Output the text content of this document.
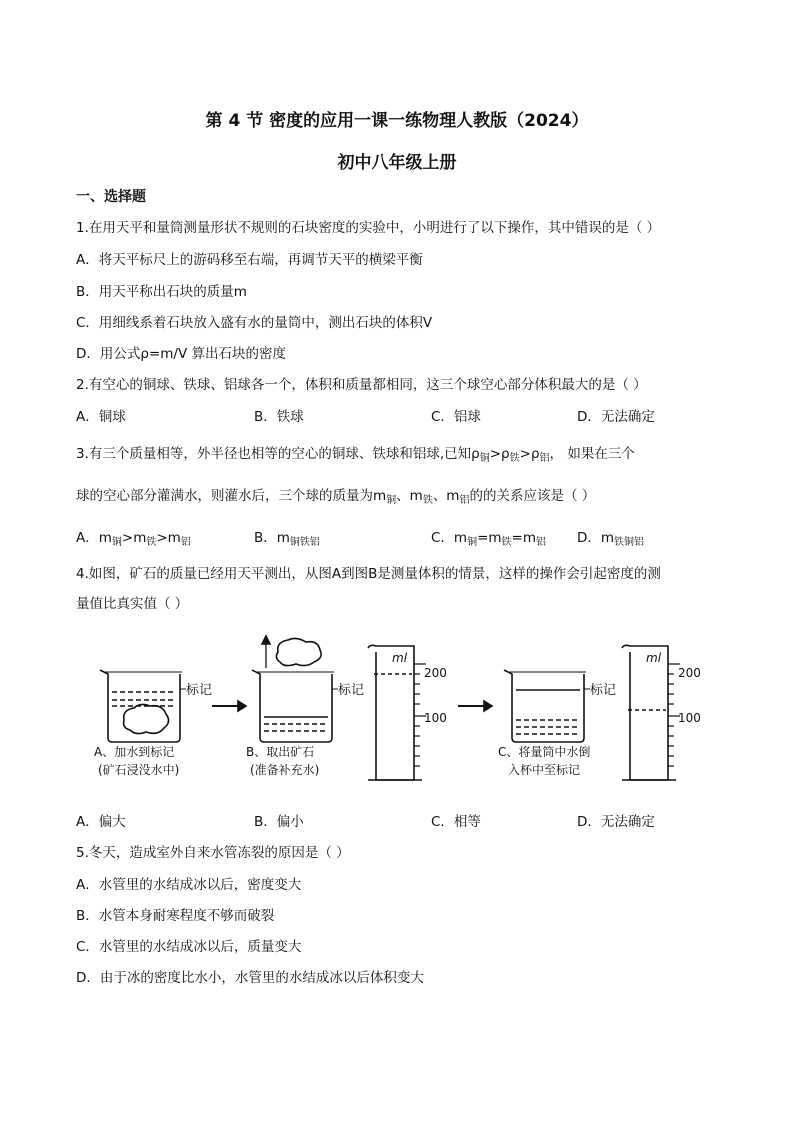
第 4 节 密度的应用一课一练物理人教版（2024）
初中八年级上册
一、选择题
1.在用天平和量筒测量形状不规则的石块密度的实验中，小明进行了以下操作，其中错误的是（ ）
A．将天平标尺上的游码移至右端，再调节天平的横梁平衡
B．用天平称出石块的质量m
C．用细线系着石块放入盛有水的量筒中，测出石块的体积V
D．用公式ρ=m/V 算出石块的密度
2.有空心的铜球、铁球、铝球各一个，体积和质量都相同，这三个球空心部分体积最大的是（ ）
A．铜球	B．铁球	C．铝球	D．无法确定
3.有三个质量相等，外半径也相等的空心的铜球、铁球和铝球,已知$\rho_铜>\rho_铁>\rho_铝$， 如果在三个
球的空心部分灌满水，则灌水后，三个球的质量为$m_铜$、$m_铁$、$m_铝$的的关系应该是（ ）
A．$m_铜>m_铁>m_铝$	B．$m_{铜铁铝}$	C．$m_铜=m_铁=m_铝$ D．$m_{铁铜铝}$
4.如图，矿石的质量已经用天平测出，从图A到图B是测量体积的情景，这样的操作会引起密度的测
量值比真实值（ ）
标记	标记	标记
A、加水到标记
(矿石浸没水中)
B、取出矿石
(准备补充水)
C、将量筒中水倒
入杯中至标记
ml
200
100
ml
200
100
A．偏大	B．偏小	C．相等	D．无法确定
5.冬天，造成室外自来水管冻裂的原因是（ ）
A．水管里的水结成冰以后，密度变大
B．水管本身耐寒程度不够而破裂
C．水管里的水结成冰以后，质量变大
D．由于冰的密度比水小，水管里的水结成冰以后体积变大
